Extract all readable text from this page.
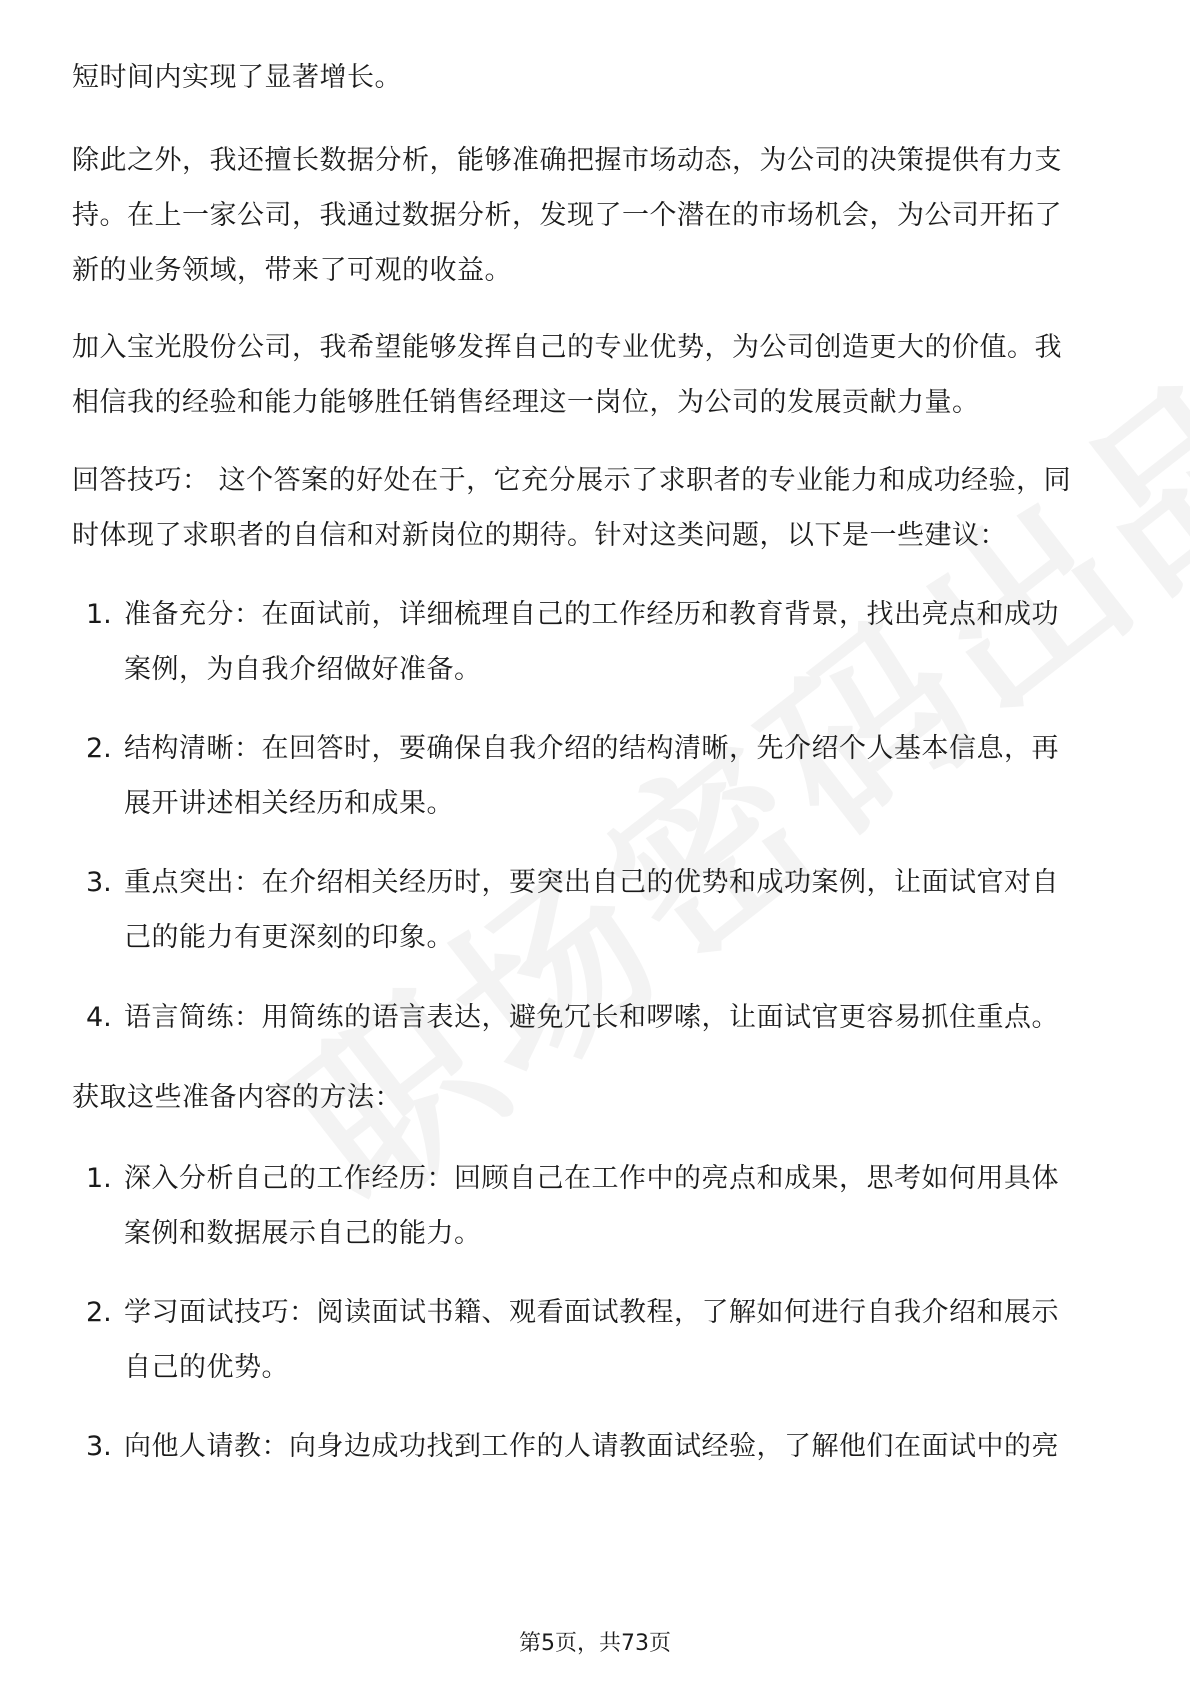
短时间内实现了显著增长。
除此之外，我还擅长数据分析，能够准确把握市场动态，为公司的决策提供有力支
持。在上一家公司，我通过数据分析，发现了一个潜在的市场机会，为公司开拓了
新的业务领域，带来了可观的收益。
加入宝光股份公司，我希望能够发挥自己的专业优势，为公司创造更大的价值。我
相信我的经验和能力能够胜任销售经理这一岗位，为公司的发展贡献力量。
回答技巧： 这个答案的好处在于，它充分展示了求职者的专业能力和成功经验，同
时体现了求职者的自信和对新岗位的期待。针对这类问题，以下是一些建议：
1. 准备充分：在面试前，详细梳理自己的工作经历和教育背景，找出亮点和成功
案例，为自我介绍做好准备。
2. 结构清晰：在回答时，要确保自我介绍的结构清晰，先介绍个人基本信息，再
展开讲述相关经历和成果。
3. 重点突出：在介绍相关经历时，要突出自己的优势和成功案例，让面试官对自
己的能力有更深刻的印象。
4. 语言简练：用简练的语言表达，避免冗长和啰嗦，让面试官更容易抓住重点。
获取这些准备内容的方法：
1. 深入分析自己的工作经历：回顾自己在工作中的亮点和成果，思考如何用具体
案例和数据展示自己的能力。
2. 学习面试技巧：阅读面试书籍、观看面试教程，了解如何进行自我介绍和展示
自己的优势。
3. 向他人请教：向身边成功找到工作的人请教面试经验，了解他们在面试中的亮
第5页，共73页
